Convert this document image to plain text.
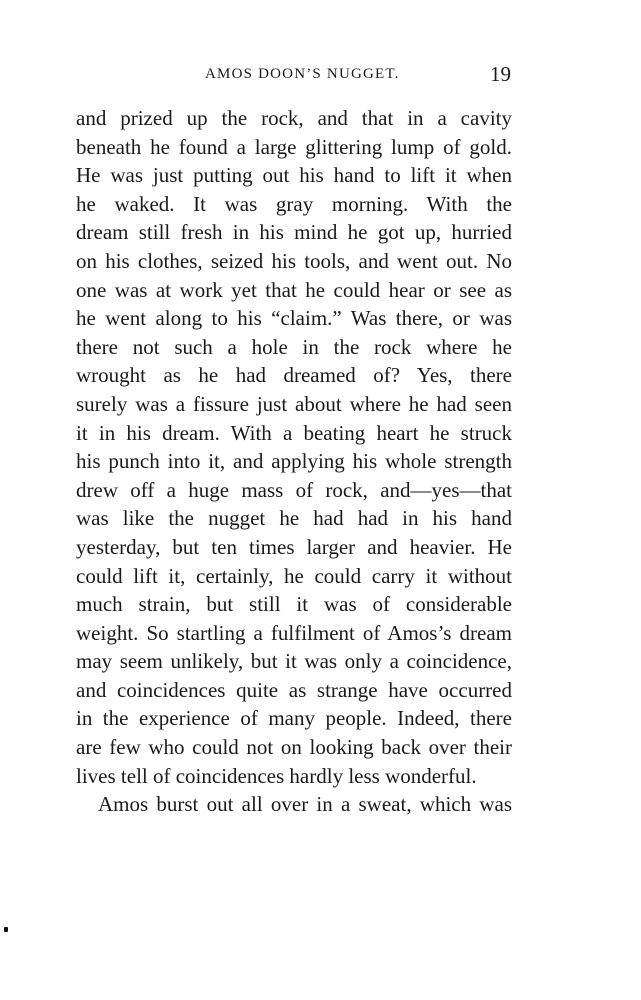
AMOS DOON’S NUGGET.	19
and prized up the rock, and that in a cavity
beneath he found a large glittering lump of gold.
He was just putting out his hand to lift it when
he waked. It was gray morning. With the
dream still fresh in his mind he got up, hurried
on his clothes, seized his tools, and went out. No
one was at work yet that he could hear or see as
he went along to his “claim.” Was there, or was
there not such a hole in the rock where he
wrought as he had dreamed of? Yes, there
surely was a fissure just about where he had seen
it in his dream. With a beating heart he struck
his punch into it, and applying his whole strength
drew off a huge mass of rock, and—yes—that
was like the nugget he had had in his hand
yesterday, but ten times larger and heavier. He
could lift it, certainly, he could carry it without
much strain, but still it was of considerable
weight. So startling a fulfilment of Amos’s dream
may seem unlikely, but it was only a coincidence,
and coincidences quite as strange have occurred
in the experience of many people. Indeed, there
are few who could not on looking back over their
lives tell of coincidences hardly less wonderful.
Amos burst out all over in a sweat, which was
